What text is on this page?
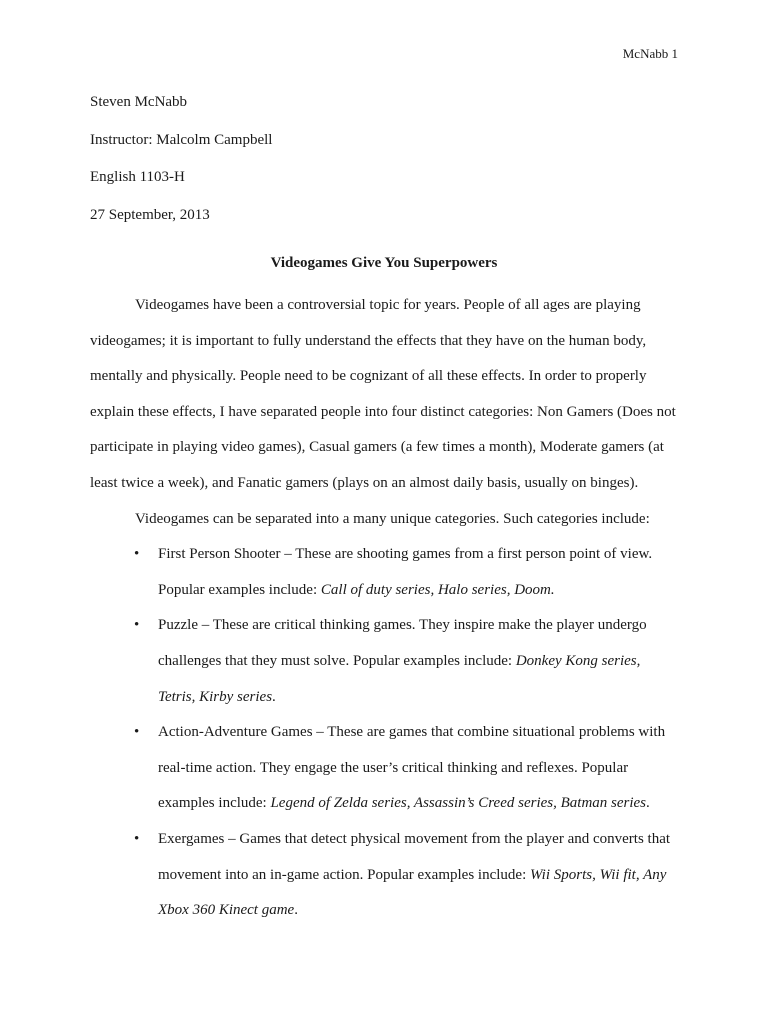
McNabb 1
Steven McNabb
Instructor: Malcolm Campbell
English 1103-H
27 September, 2013
Videogames Give You Superpowers

Videogames have been a controversial topic for years. People of all ages are playing videogames; it is important to fully understand the effects that they have on the human body, mentally and physically. People need to be cognizant of all these effects. In order to properly explain these effects, I have separated people into four distinct categories: Non Gamers (Does not participate in playing video games), Casual gamers (a few times a month), Moderate gamers (at least twice a week), and Fanatic gamers (plays on an almost daily basis, usually on binges).

Videogames can be separated into a many unique categories. Such categories include:

• First Person Shooter – These are shooting games from a first person point of view. Popular examples include: Call of duty series, Halo series, Doom.
• Puzzle – These are critical thinking games. They inspire make the player undergo challenges that they must solve. Popular examples include: Donkey Kong series, Tetris, Kirby series.
• Action-Adventure Games – These are games that combine situational problems with real-time action. They engage the user’s critical thinking and reflexes. Popular examples include: Legend of Zelda series, Assassin’s Creed series, Batman series.
• Exergames – Games that detect physical movement from the player and converts that movement into an in-game action. Popular examples include: Wii Sports, Wii fit, Any Xbox 360 Kinect game.
